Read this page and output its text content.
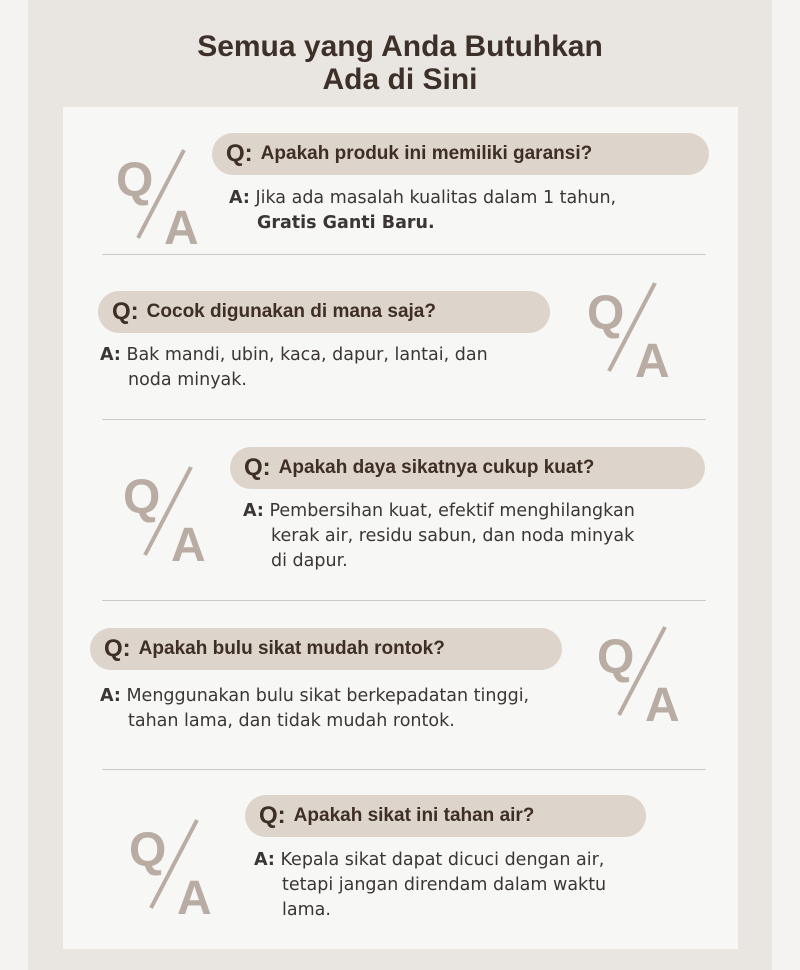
Semua yang Anda Butuhkan
Ada di Sini
Q
A
Q: Apakah produk ini memiliki garansi?
A: Jika ada masalah kualitas dalam 1 tahun,
Gratis Ganti Baru.
Q: Cocok digunakan di mana saja?
A: Bak mandi, ubin, kaca, dapur, lantai, dan
noda minyak.
Q
A
Q
A
Q: Apakah daya sikatnya cukup kuat?
A: Pembersihan kuat, efektif menghilangkan
kerak air, residu sabun, dan noda minyak
di dapur.
Q: Apakah bulu sikat mudah rontok?
A: Menggunakan bulu sikat berkepadatan tinggi,
tahan lama, dan tidak mudah rontok.
Q
A
Q
A
Q: Apakah sikat ini tahan air?
A: Kepala sikat dapat dicuci dengan air,
tetapi jangan direndam dalam waktu
lama.
